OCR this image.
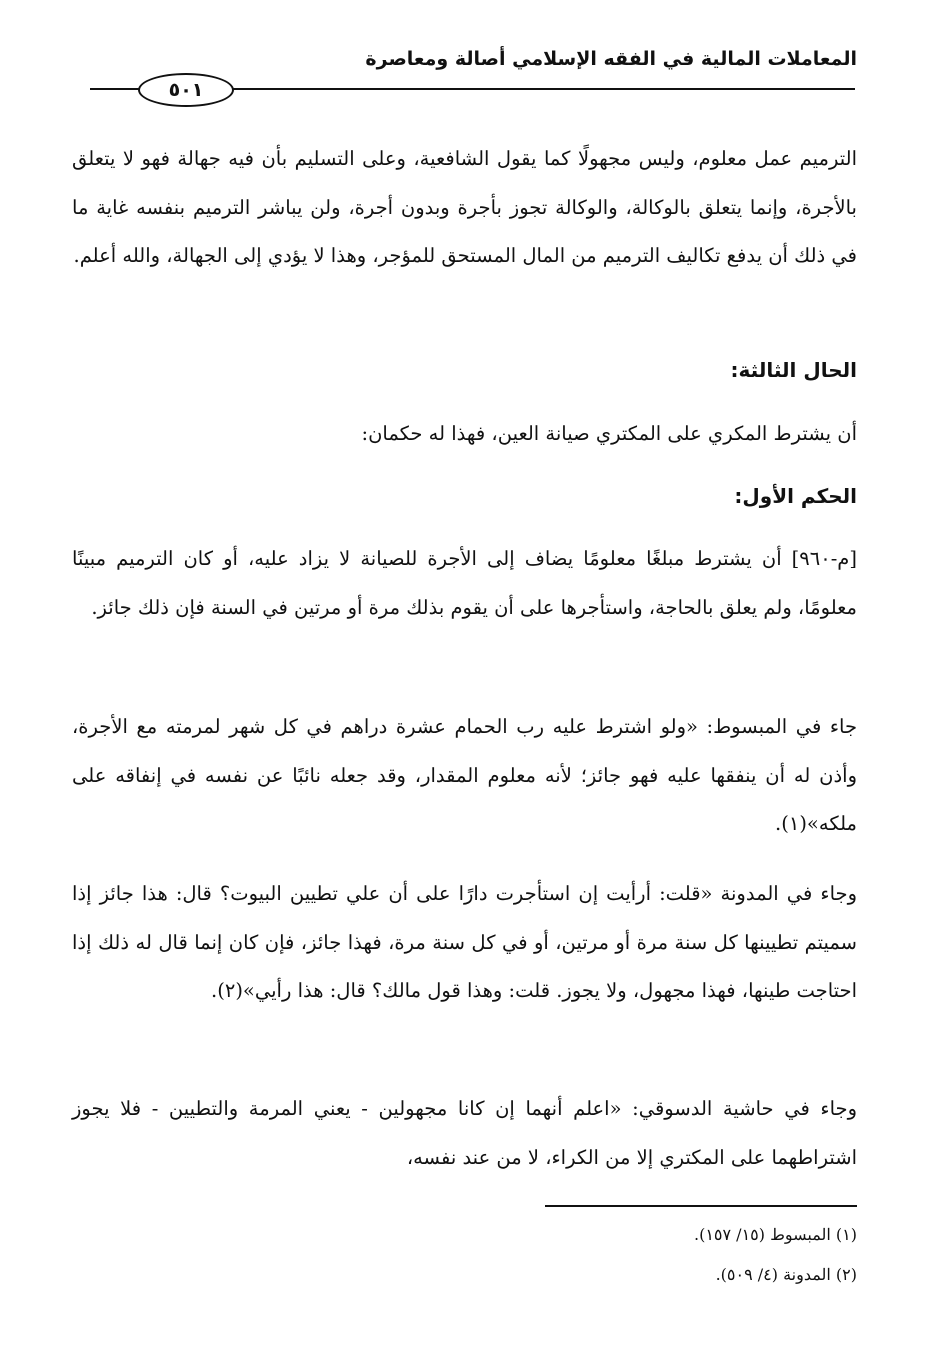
المعاملات المالية في الفقه الإسلامي أصالة ومعاصرة
٥٠١

الترميم عمل معلوم، وليس مجهولًا كما يقول الشافعية، وعلى التسليم بأن فيه جهالة فهو لا يتعلق بالأجرة، وإنما يتعلق بالوكالة، والوكالة تجوز بأجرة وبدون أجرة، ولن يباشر الترميم بنفسه غاية ما في ذلك أن يدفع تكاليف الترميم من المال المستحق للمؤجر، وهذا لا يؤدي إلى الجهالة، والله أعلم.

الحال الثالثة:

أن يشترط المكري على المكتري صيانة العين، فهذا له حكمان:

الحكم الأول:

[م-٩٦٠] أن يشترط مبلغًا معلومًا يضاف إلى الأجرة للصيانة لا يزاد عليه، أو كان الترميم مبينًا معلومًا، ولم يعلق بالحاجة، واستأجرها على أن يقوم بذلك مرة أو مرتين في السنة فإن ذلك جائز.

جاء في المبسوط: «ولو اشترط عليه رب الحمام عشرة دراهم في كل شهر لمرمته مع الأجرة، وأذن له أن ينفقها عليه فهو جائز؛ لأنه معلوم المقدار، وقد جعله نائبًا عن نفسه في إنفاقه على ملكه»(١).

وجاء في المدونة «قلت: أرأيت إن استأجرت دارًا على أن علي تطيين البيوت؟ قال: هذا جائز إذا سميتم تطيينها كل سنة مرة أو مرتين، أو في كل سنة مرة، فهذا جائز، فإن كان إنما قال له ذلك إذا احتاجت طينها، فهذا مجهول، ولا يجوز. قلت: وهذا قول مالك؟ قال: هذا رأيي»(٢).

وجاء في حاشية الدسوقي: «اعلم أنهما إن كانا مجهولين - يعني المرمة والتطيين - فلا يجوز اشتراطهما على المكتري إلا من الكراء، لا من عند نفسه،

(١) المبسوط (١٥/ ١٥٧).

(٢) المدونة (٤/ ٥٠٩).
